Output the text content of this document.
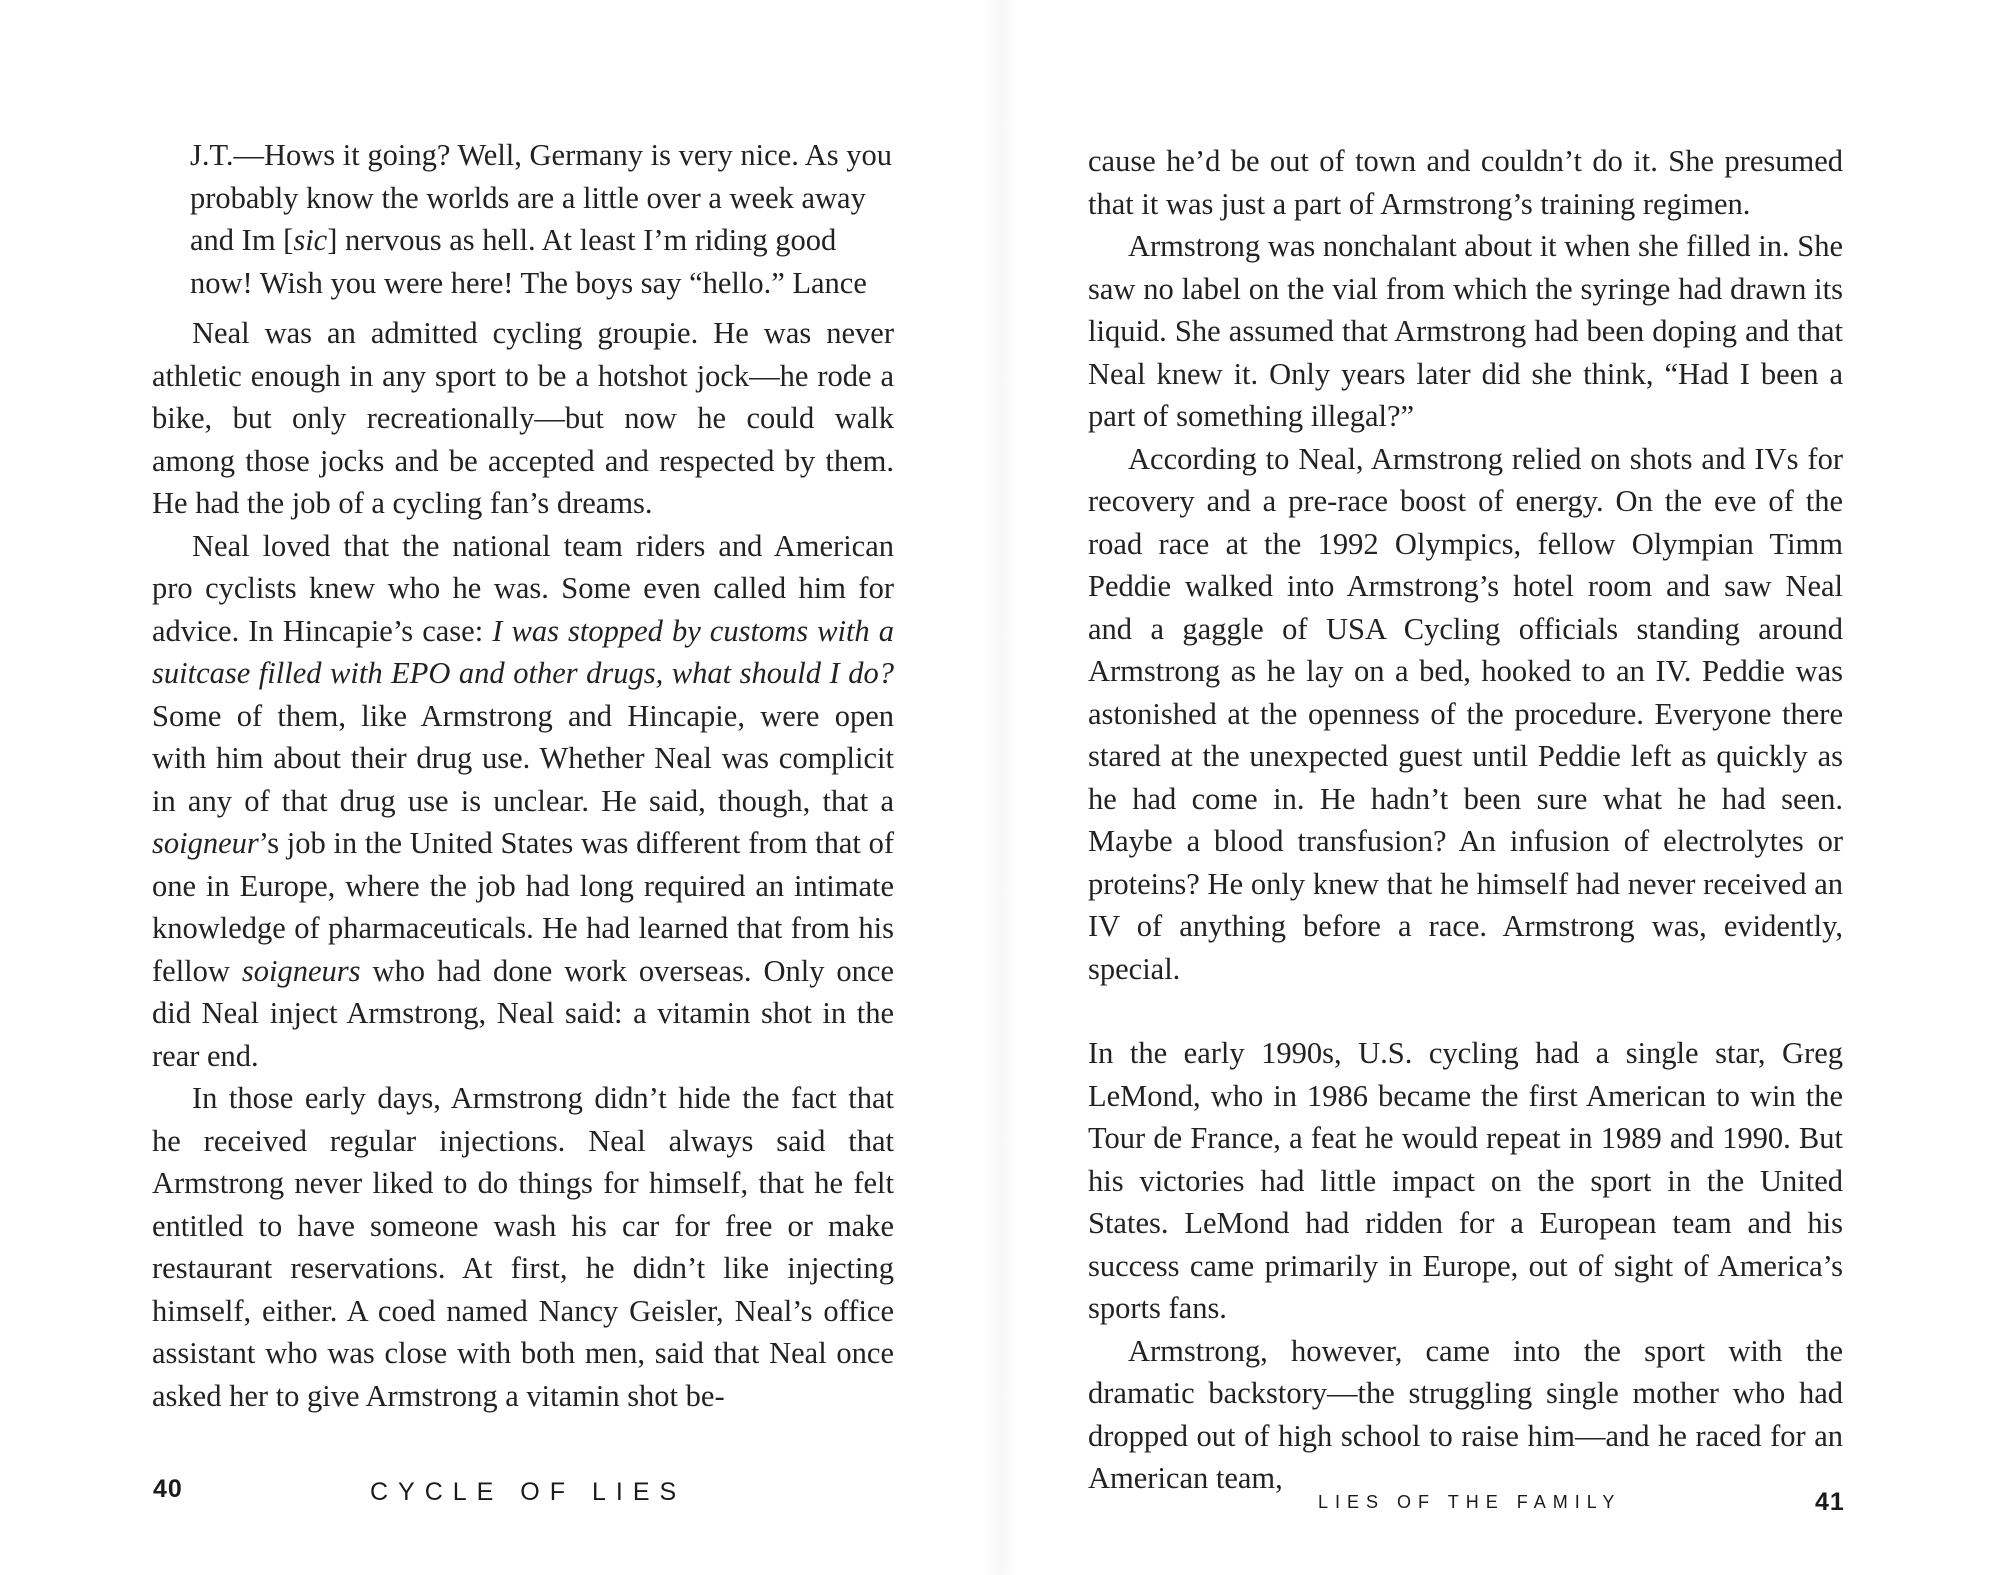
J.T.—Hows it going? Well, Germany is very nice. As you probably know the worlds are a little over a week away and Im [sic] nervous as hell. At least I’m riding good now! Wish you were here! The boys say “hello.” Lance

Neal was an admitted cycling groupie. He was never athletic enough in any sport to be a hotshot jock—he rode a bike, but only recreationally—but now he could walk among those jocks and be accepted and respected by them. He had the job of a cycling fan’s dreams.

Neal loved that the national team riders and American pro cyclists knew who he was. Some even called him for advice. In Hincapie’s case: I was stopped by customs with a suitcase filled with EPO and other drugs, what should I do? Some of them, like Armstrong and Hincapie, were open with him about their drug use. Whether Neal was complicit in any of that drug use is unclear. He said, though, that a soigneur’s job in the United States was different from that of one in Europe, where the job had long required an intimate knowledge of pharmaceuticals. He had learned that from his fellow soigneurs who had done work overseas. Only once did Neal inject Armstrong, Neal said: a vitamin shot in the rear end.

In those early days, Armstrong didn’t hide the fact that he received regular injections. Neal always said that Armstrong never liked to do things for himself, that he felt entitled to have someone wash his car for free or make restaurant reservations. At first, he didn’t like injecting himself, either. A coed named Nancy Geisler, Neal’s office assistant who was close with both men, said that Neal once asked her to give Armstrong a vitamin shot be-

40	CYCLE OF LIES

cause he’d be out of town and couldn’t do it. She presumed that it was just a part of Armstrong’s training regimen.

Armstrong was nonchalant about it when she filled in. She saw no label on the vial from which the syringe had drawn its liquid. She assumed that Armstrong had been doping and that Neal knew it. Only years later did she think, “Had I been a part of something illegal?”

According to Neal, Armstrong relied on shots and IVs for recovery and a pre-race boost of energy. On the eve of the road race at the 1992 Olympics, fellow Olympian Timm Peddie walked into Armstrong’s hotel room and saw Neal and a gaggle of USA Cycling officials standing around Armstrong as he lay on a bed, hooked to an IV. Peddie was astonished at the openness of the procedure. Everyone there stared at the unexpected guest until Peddie left as quickly as he had come in. He hadn’t been sure what he had seen. Maybe a blood transfusion? An infusion of electrolytes or proteins? He only knew that he himself had never received an IV of anything before a race. Armstrong was, evidently, special.

In the early 1990s, U.S. cycling had a single star, Greg LeMond, who in 1986 became the first American to win the Tour de France, a feat he would repeat in 1989 and 1990. But his victories had little impact on the sport in the United States. LeMond had ridden for a European team and his success came primarily in Europe, out of sight of America’s sports fans.

Armstrong, however, came into the sport with the dramatic backstory—the struggling single mother who had dropped out of high school to raise him—and he raced for an American team,

LIES OF THE FAMILY	41
